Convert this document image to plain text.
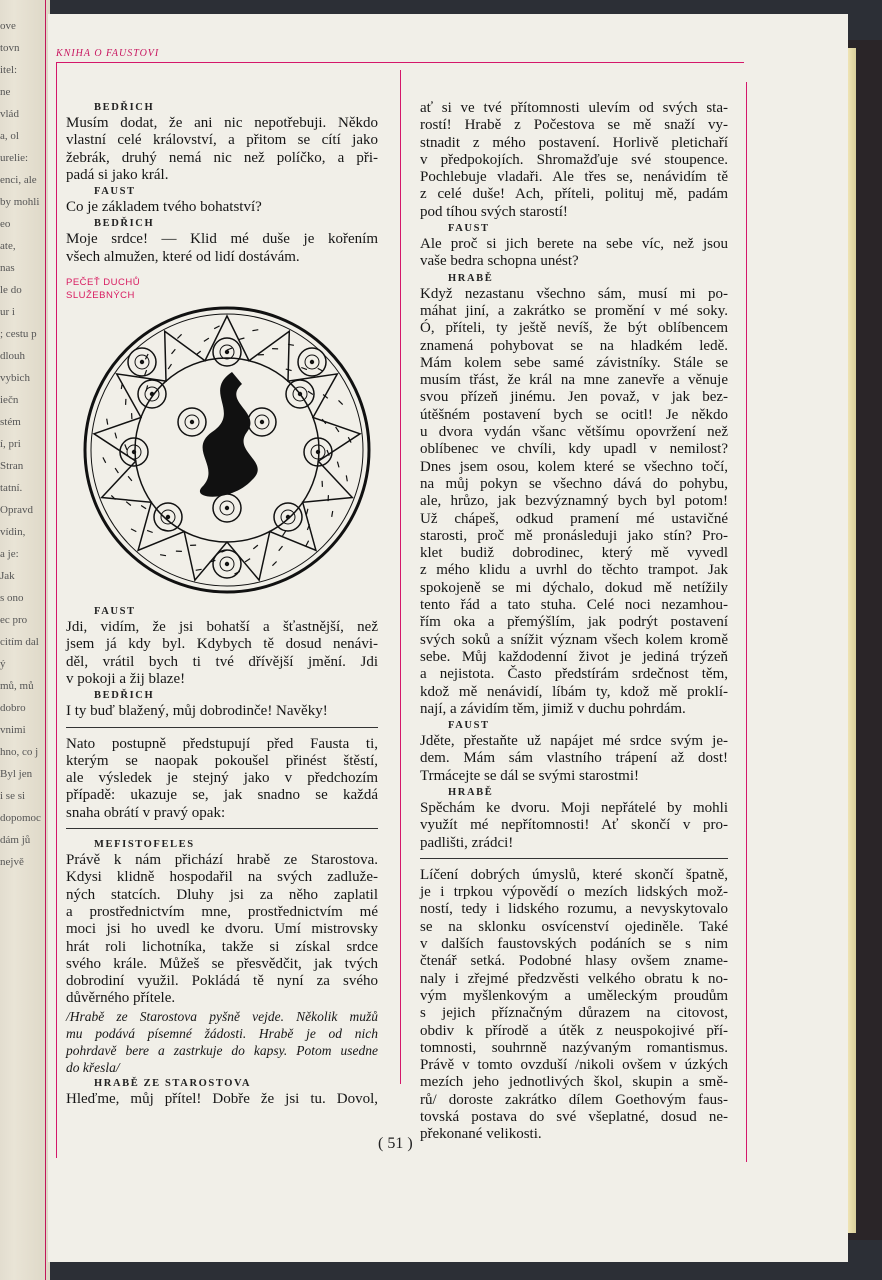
ove
tovn
itel:
ne
vlád
a, ol
urelie:
enci, ale
by mohli
eo
ate,
nas
le do
ur i
; cestu p
dlouh
vybich
iečn
stém
í, pri
Stran
tatní.
Opravd
vídin,
a je:
Jak
s ono
ec pro
citím dal
ý
mů, mů
dobro
vnimi
hno, co j
Byl jen
i se si
dopomoc
dám jů
nejvě
KNIHA O FAUSTOVI
BEDŘICH
Musím dodat, že ani nic nepotřebuji. Někdo
vlastní celé království, a přitom se cítí jako
žebrák, druhý nemá nic než políčko, a při-
padá si jako král.
FAUST
Co je základem tvého bohatství?
BEDŘICH
Moje srdce! — Klid mé duše je kořením
všech almužen, které od lidí dostávám.
PEČEŤ DUCHŮ
SLUŽEBNÝCH
FAUST
Jdi, vidím, že jsi bohatší a šťastnější, než
jsem já kdy byl. Kdybych tě dosud nenávi-
děl, vrátil bych ti tvé dřívější jmění. Jdi
v pokoji a žij blaze!
BEDŘICH
I ty buď blažený, můj dobrodinče! Navěky!
Nato postupně předstupují před Fausta ti,
kterým se naopak pokoušel přinést štěstí,
ale výsledek je stejný jako v předchozím
případě: ukazuje se, jak snadno se každá
snaha obrátí v pravý opak:
MEFISTOFELES
Právě k nám přichází hrabě ze Starostova.
Kdysi klidně hospodařil na svých zadluže-
ných statcích. Dluhy jsi za něho zaplatil
a prostřednictvím mne, prostřednictvím mé
moci jsi ho uvedl ke dvoru. Umí mistrovsky
hrát roli lichotníka, takže si získal srdce
svého krále. Můžeš se přesvědčit, jak tvých
dobrodiní využil. Pokládá tě nyní za svého
důvěrného přítele.
/Hrabě ze Starostova pyšně vejde. Několik mužů
mu podává písemné žádosti. Hrabě je od nich
pohrdavě bere a zastrkuje do kapsy. Potom usedne
do křesla/
HRABĚ ZE STAROSTOVA
Hleďme, můj přítel! Dobře že jsi tu. Dovol,
ať si ve tvé přítomnosti ulevím od svých sta-
rostí! Hrabě z Počestova se mě snaží vy-
stnadit z mého postavení. Horlivě pletichaří
v předpokojích. Shromažďuje své stoupence.
Pochlebuje vladaři. Ale třes se, nenávidím tě
z celé duše! Ach, příteli, polituj mě, padám
pod tíhou svých starostí!
FAUST
Ale proč si jich berete na sebe víc, než jsou
vaše bedra schopna unést?
HRABĚ
Když nezastanu všechno sám, musí mi po-
máhat jiní, a zakrátko se promění v mé soky.
Ó, příteli, ty ještě nevíš, že být oblíbencem
znamená pohybovat se na hladkém ledě.
Mám kolem sebe samé závistníky. Stále se
musím třást, že král na mne zanevře a věnuje
svou přízeň jinému. Jen považ, v jak bez-
útěšném postavení bych se ocitl! Je někdo
u dvora vydán všanc většímu opovržení než
oblíbenec ve chvíli, kdy upadl v nemilost?
Dnes jsem osou, kolem které se všechno točí,
na můj pokyn se všechno dává do pohybu,
ale, hrůzo, jak bezvýznamný bych byl potom!
Už chápeš, odkud pramení mé ustavičné
starosti, proč mě pronásleduji jako stín? Pro-
klet budiž dobrodinec, který mě vyvedl
z mého klidu a uvrhl do těchto trampot. Jak
spokojeně se mi dýchalo, dokud mě netížily
tento řád a tato stuha. Celé noci nezamhou-
řím oka a přemýšlím, jak podrýt postavení
svých soků a snížit význam všech kolem kromě
sebe. Můj každodenní život je jediná trýzeň
a nejistota. Často předstírám srdečnost těm,
kdož mě nenávidí, líbám ty, kdož mě proklí-
nají, a závidím těm, jimiž v duchu pohrdám.
FAUST
Jděte, přestaňte už napájet mé srdce svým je-
dem. Mám sám vlastního trápení až dost!
Trmácejte se dál se svými starostmi!
HRABĚ
Spěchám ke dvoru. Moji nepřátelé by mohli
využít mé nepřítomnosti! Ať skončí v pro-
padlišti, zrádci!
Líčení dobrých úmyslů, které skončí špatně,
je i trpkou výpovědí o mezích lidských mož-
ností, tedy i lidského rozumu, a nevyskytovalo
se na sklonku osvícenství ojediněle. Také
v dalších faustovských podáních se s nim
čtenář setká. Podobné hlasy ovšem zname-
naly i zřejmé předzvěsti velkého obratu k no-
vým myšlenkovým a uměleckým proudům
s jejich příznačným důrazem na citovost,
obdiv k přírodě a útěk z neuspokojivé pří-
tomnosti, souhrnně nazývaným romantismus.
Právě v tomto ovzduší /nikoli ovšem v úzkých
mezích jeho jednotlivých škol, skupin a smě-
rů/ doroste zakrátko dílem Goethovým faus-
tovská postava do své všeplatné, dosud ne-
překonané velikosti.
( 51 )
